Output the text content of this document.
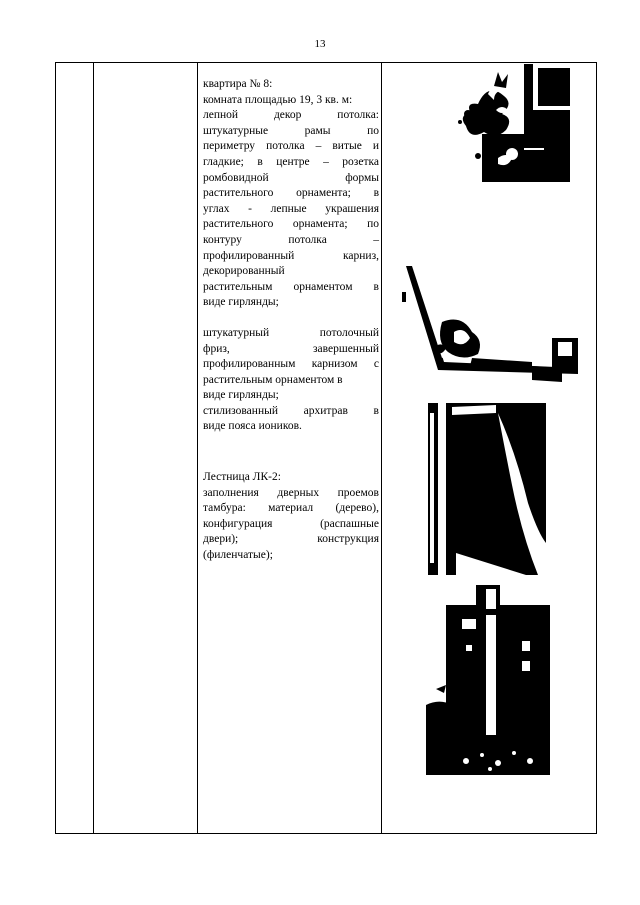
13

квартира № 8:

комната площадью 19, 3 кв. м:

лепной декор потолка:

штукатурные рамы по

периметру потолка – витые и

гладкие; в центре – розетка

ромбовидной формы

растительного орнамента; в

углах - лепные украшения

растительного орнамента; по

контуру потолка –

профилированный карниз,

декорированный

растительным орнаментом в

виде гирлянды;

штукатурный потолочный

фриз, завершенный

профилированным карнизом с

растительным орнаментом в

виде гирлянды;

стилизованный архитрав в

виде пояса иоников.

Лестница ЛК-2:

заполнения дверных проемов

тамбура: материал (дерево),

конфигурация (распашные

двери); конструкция

(филенчатые);
